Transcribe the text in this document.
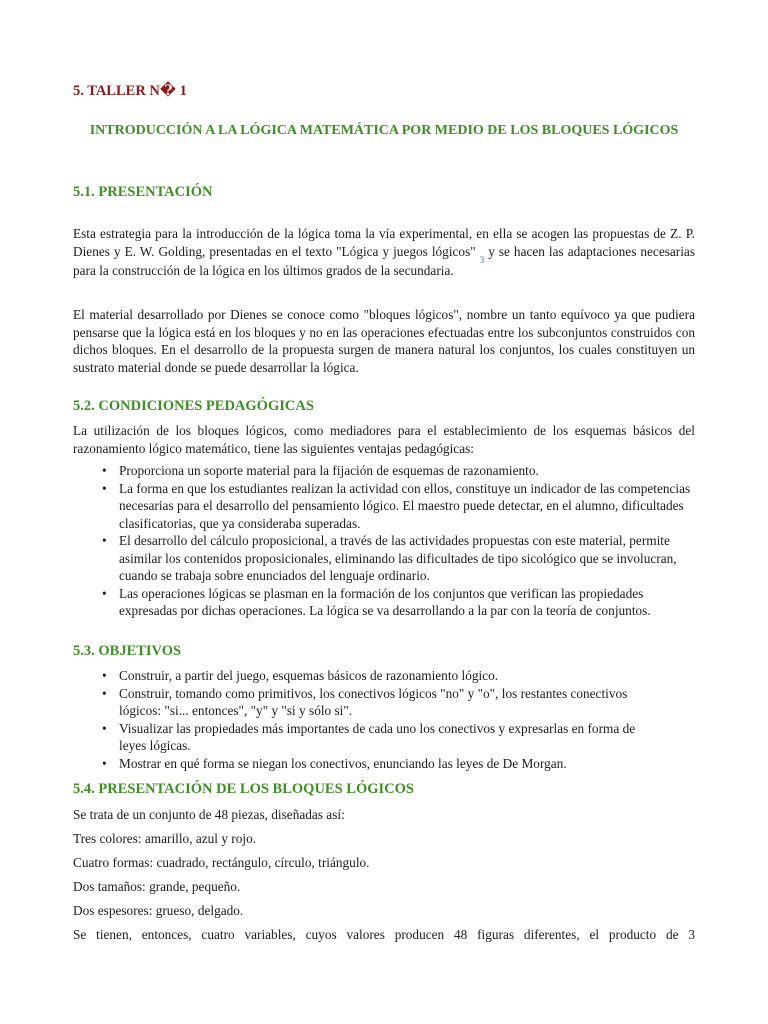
5. TALLER N� 1
INTRODUCCIÓN A LA LÓGICA MATEMÁTICA POR MEDIO DE LOS BLOQUES LÓGICOS
5.1. PRESENTACIÓN

Esta estrategia para la introducción de la lógica toma la vía experimental, en ella se acogen las propuestas de Z. P. Dienes y E. W. Golding, presentadas en el texto "Lógica y juegos lógicos" $_3$ y se hacen las adaptaciones necesarias para la construcción de la lógica en los últimos grados de la secundaria.

El material desarrollado por Dienes se conoce como "bloques lógicos", nombre un tanto equívoco ya que pudiera pensarse que la lógica está en los bloques y no en las operaciones efectuadas entre los subconjuntos construidos con dichos bloques. En el desarrollo de la propuesta surgen de manera natural los conjuntos, los cuales constituyen un sustrato material donde se puede desarrollar la lógica.

5.2. CONDICIONES PEDAGÓGICAS

La utilización de los bloques lógicos, como mediadores para el establecimiento de los esquemas básicos del razonamiento lógico matemático, tiene las siguientes ventajas pedagógicas:

• Proporciona un soporte material para la fijación de esquemas de razonamiento.
• La forma en que los estudiantes realizan la actividad con ellos, constituye un indicador de las competencias necesarias para el desarrollo del pensamiento lógico. El maestro puede detectar, en el alumno, dificultades clasificatorias, que ya consideraba superadas.
• El desarrollo del cálculo proposicional, a través de las actividades propuestas con este material, permite asimilar los contenidos proposicionales, eliminando las dificultades de tipo sicológico que se involucran, cuando se trabaja sobre enunciados del lenguaje ordinario.
• Las operaciones lógicas se plasman en la formación de los conjuntos que verifican las propiedades expresadas por dichas operaciones. La lógica se va desarrollando a la par con la teoría de conjuntos.
5.3. OBJETIVOS
• Construir, a partir del juego, esquemas básicos de razonamiento lógico.
• Construir, tomando como primitivos, los conectivos lógicos "no" y "o", los restantes conectivos lógicos: "si... entonces", "y" y "si y sólo si".
• Visualizar las propiedades más importantes de cada uno los conectivos y expresarlas en forma de leyes lógicas.
• Mostrar en qué forma se niegan los conectivos, enunciando las leyes de De Morgan.
5.4. PRESENTACIÓN DE LOS BLOQUES LÓGICOS
Se trata de un conjunto de 48 piezas, diseñadas así:
Tres colores: amarillo, azul y rojo.
Cuatro formas: cuadrado, rectángulo, círculo, triángulo.
Dos tamaños: grande, pequeño.
Dos espesores: grueso, delgado.
Se tienen, entonces, cuatro variables, cuyos valores producen 48 figuras diferentes, el producto de 3
